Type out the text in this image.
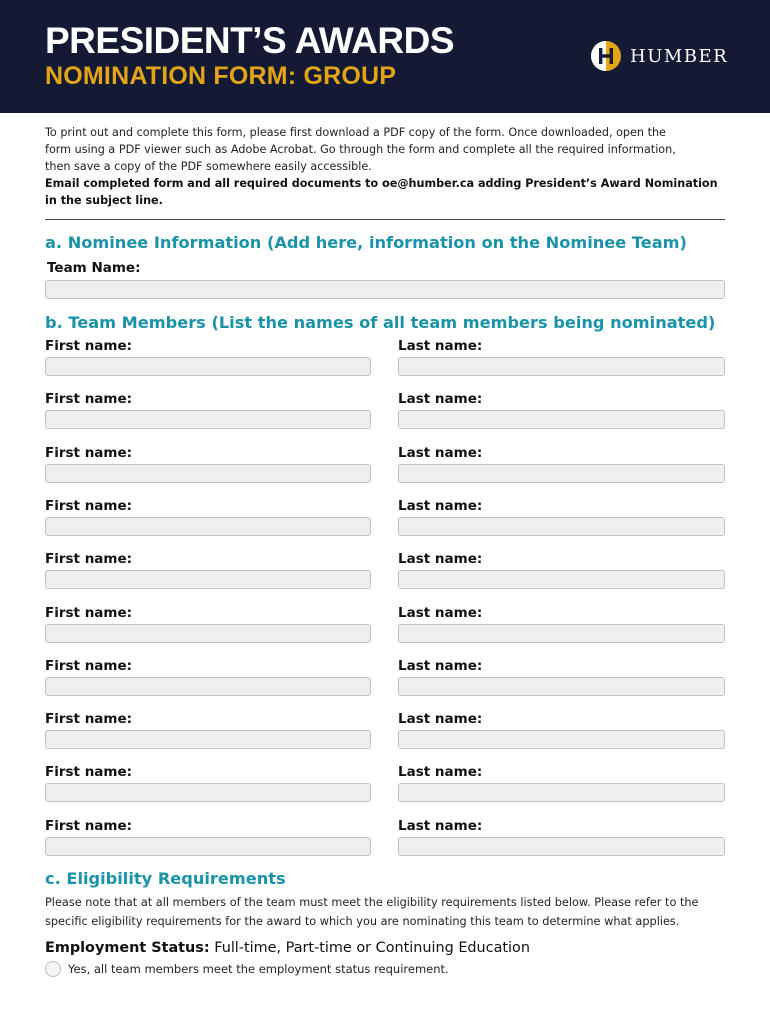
PRESIDENT’S AWARDS
NOMINATION FORM: GROUP
HUMBER
To print out and complete this form, please first download a PDF copy of the form. Once downloaded, open the
form using a PDF viewer such as Adobe Acrobat. Go through the form and complete all the required information,
then save a copy of the PDF somewhere easily accessible.
Email completed form and all required documents to oe@humber.ca adding President’s Award Nomination
in the subject line.
a. Nominee Information (Add here, information on the Nominee Team)
Team Name:
b. Team Members (List the names of all team members being nominated)
First name:	Last name:
First name:	Last name:
First name:	Last name:
First name:	Last name:
First name:	Last name:
First name:	Last name:
First name:	Last name:
First name:	Last name:
First name:	Last name:
First name:	Last name:
c. Eligibility Requirements
Please note that at all members of the team must meet the eligibility requirements listed below. Please refer to the
specific eligibility requirements for the award to which you are nominating this team to determine what applies.
Employment Status: Full-time, Part-time or Continuing Education
Yes, all team members meet the employment status requirement.
